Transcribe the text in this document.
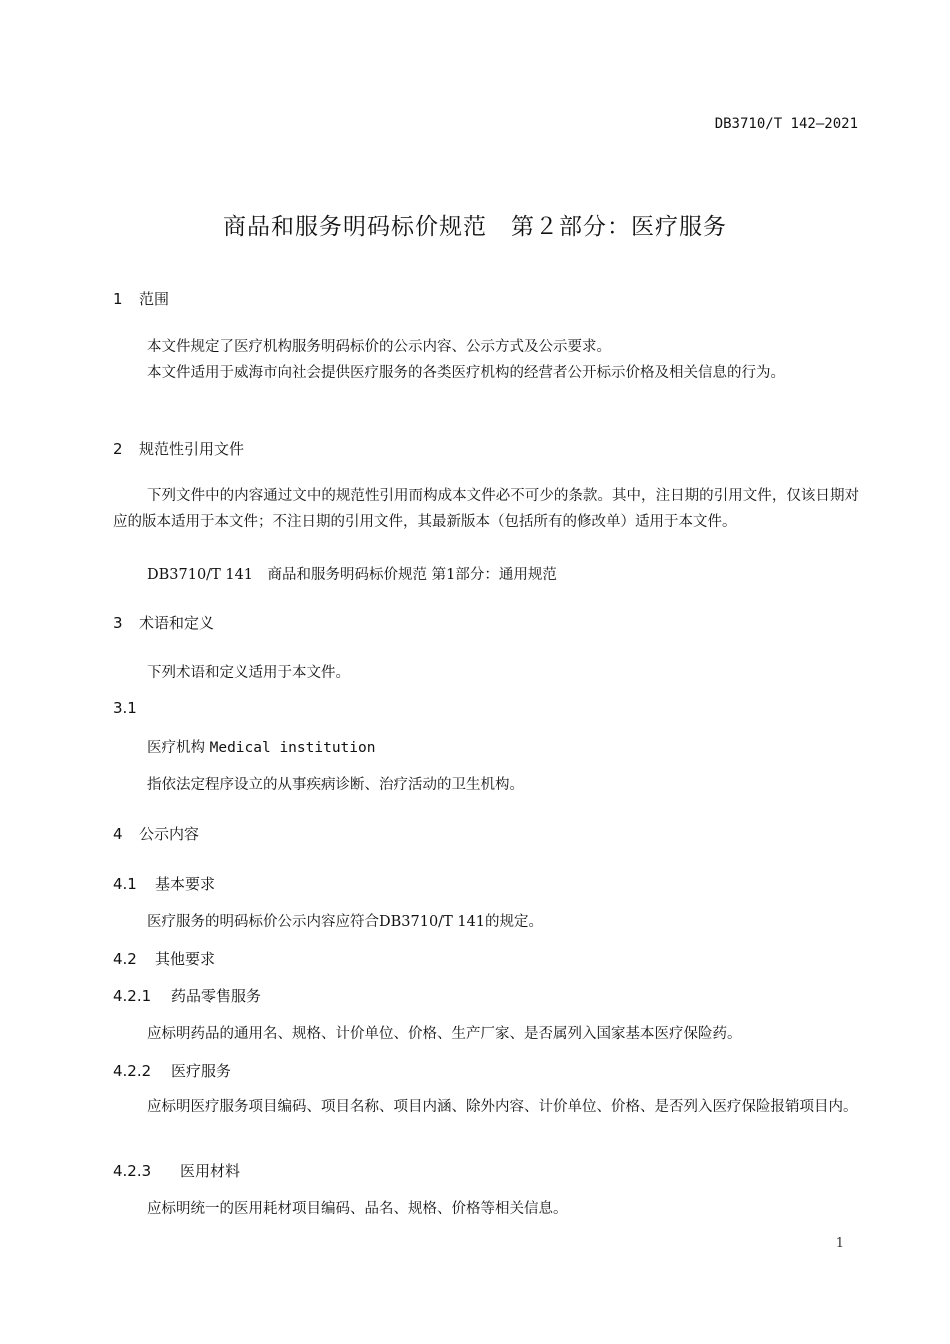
DB3710/T 142—2021
商品和服务明码标价规范　第２部分：医疗服务
1 范围
本文件规定了医疗机构服务明码标价的公示内容、公示方式及公示要求。
本文件适用于威海市向社会提供医疗服务的各类医疗机构的经营者公开标示价格及相关信息的行为。
2 规范性引用文件
下列文件中的内容通过文中的规范性引用而构成本文件必不可少的条款。其中，注日期的引用文件，仅该日期对应的版本适用于本文件；不注日期的引用文件，其最新版本（包括所有的修改单）适用于本文件。
DB3710/T 141　商品和服务明码标价规范 第1部分：通用规范
3 术语和定义
下列术语和定义适用于本文件。
3.1
医疗机构 Medical institution
指依法定程序设立的从事疾病诊断、治疗活动的卫生机构。
4 公示内容
4.1 基本要求
医疗服务的明码标价公示内容应符合DB3710/T 141的规定。
4.2 其他要求
4.2.1 药品零售服务
应标明药品的通用名、规格、计价单位、价格、生产厂家、是否属列入国家基本医疗保险药。
4.2.2 医疗服务
应标明医疗服务项目编码、项目名称、项目内涵、除外内容、计价单位、价格、是否列入医疗保险报销项目内。
4.2.3 医用材料
应标明统一的医用耗材项目编码、品名、规格、价格等相关信息。
1
